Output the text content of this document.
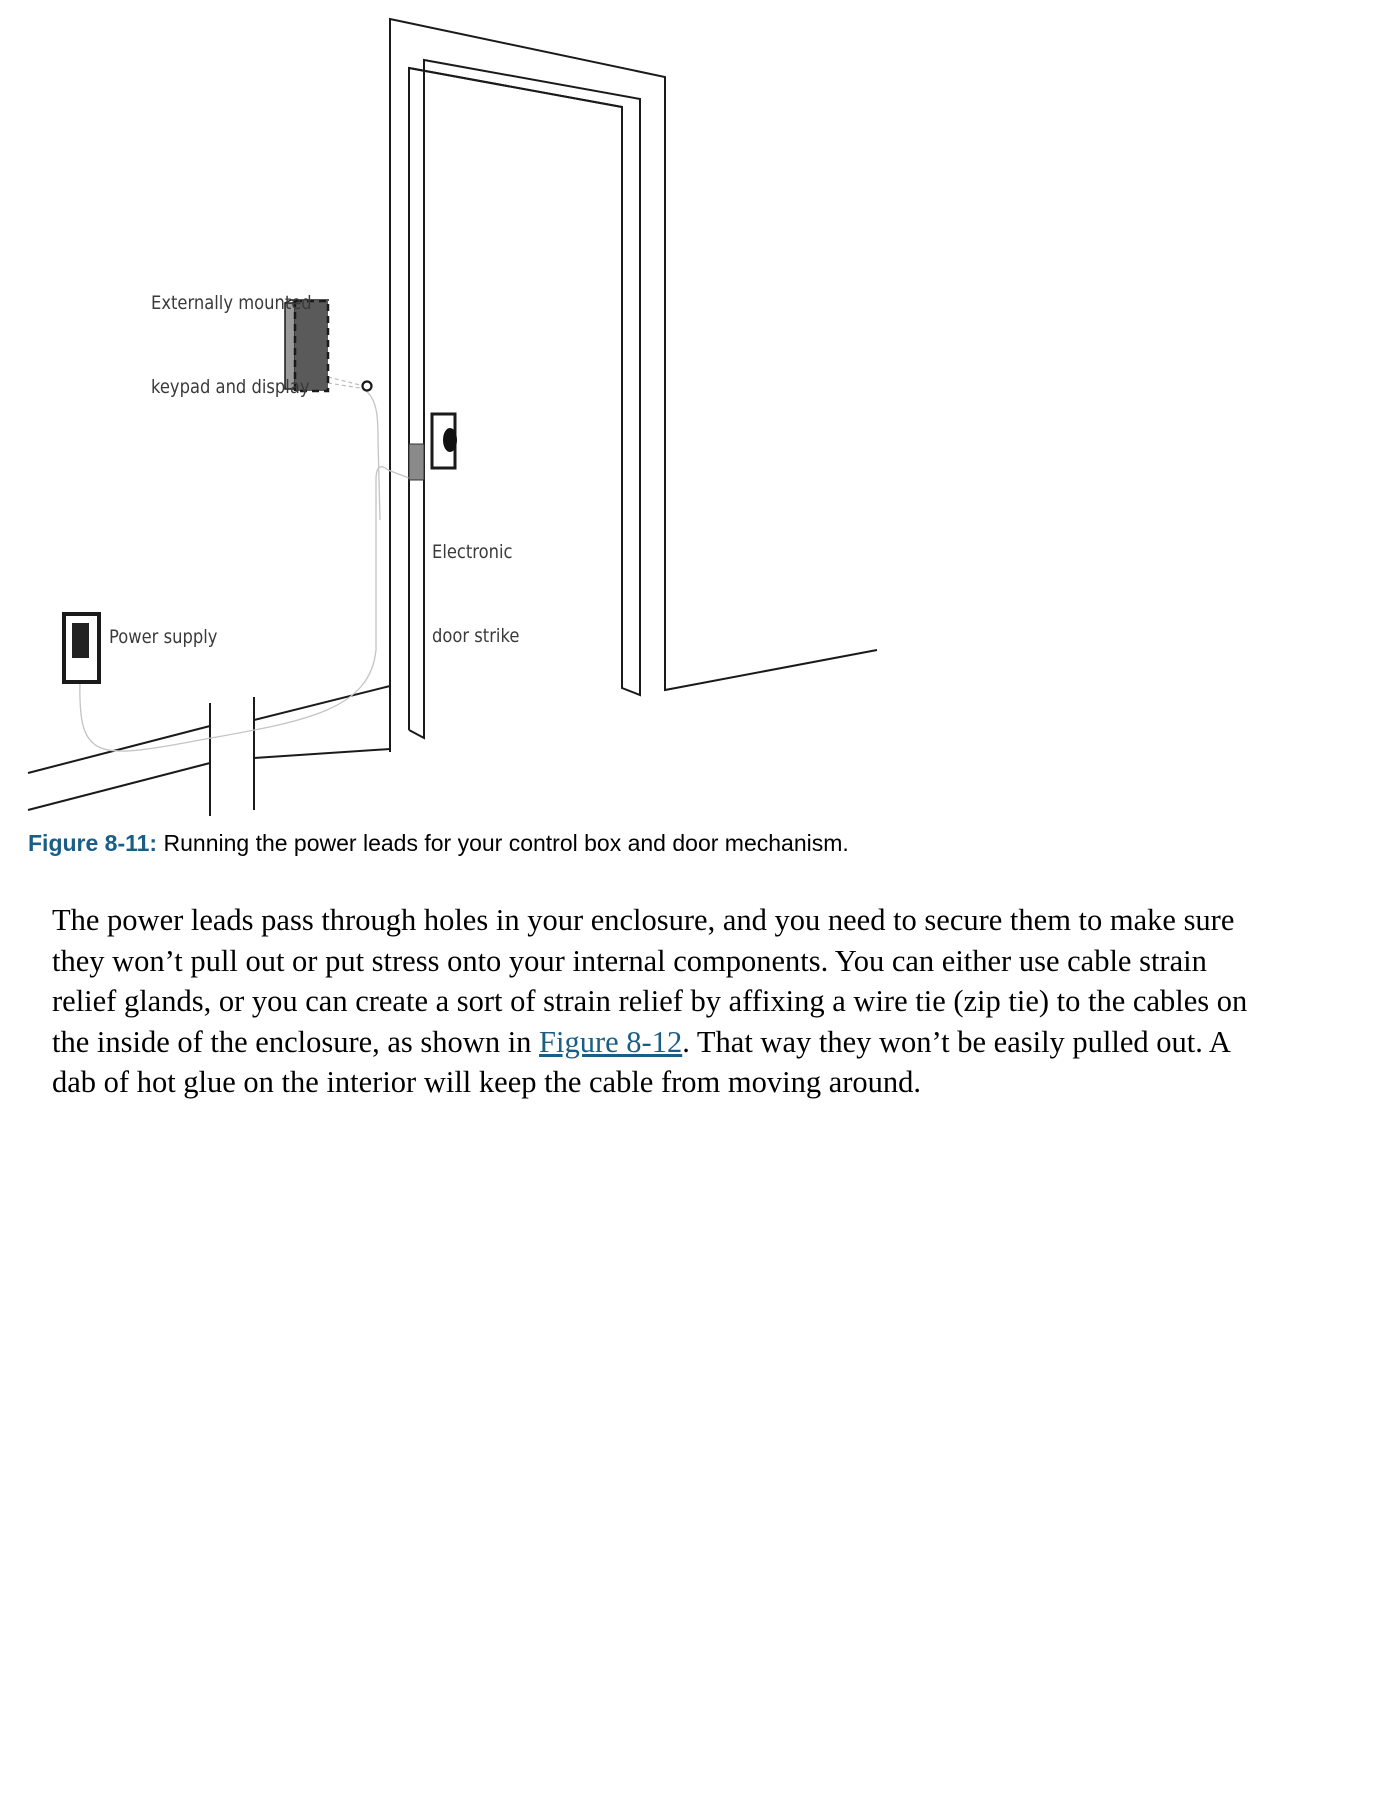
Externally mounted

keypad and display

Electronic

door strike

Power supply
Figure 8-11: Running the power leads for your control box and door mechanism.
The power leads pass through holes in your enclosure, and you need to secure them to make sure
they won’t pull out or put stress onto your internal components. You can either use cable strain
relief glands, or you can create a sort of strain relief by affixing a wire tie (zip tie) to the cables on
the inside of the enclosure, as shown in Figure 8-12. That way they won’t be easily pulled out. A
dab of hot glue on the interior will keep the cable from moving around.
